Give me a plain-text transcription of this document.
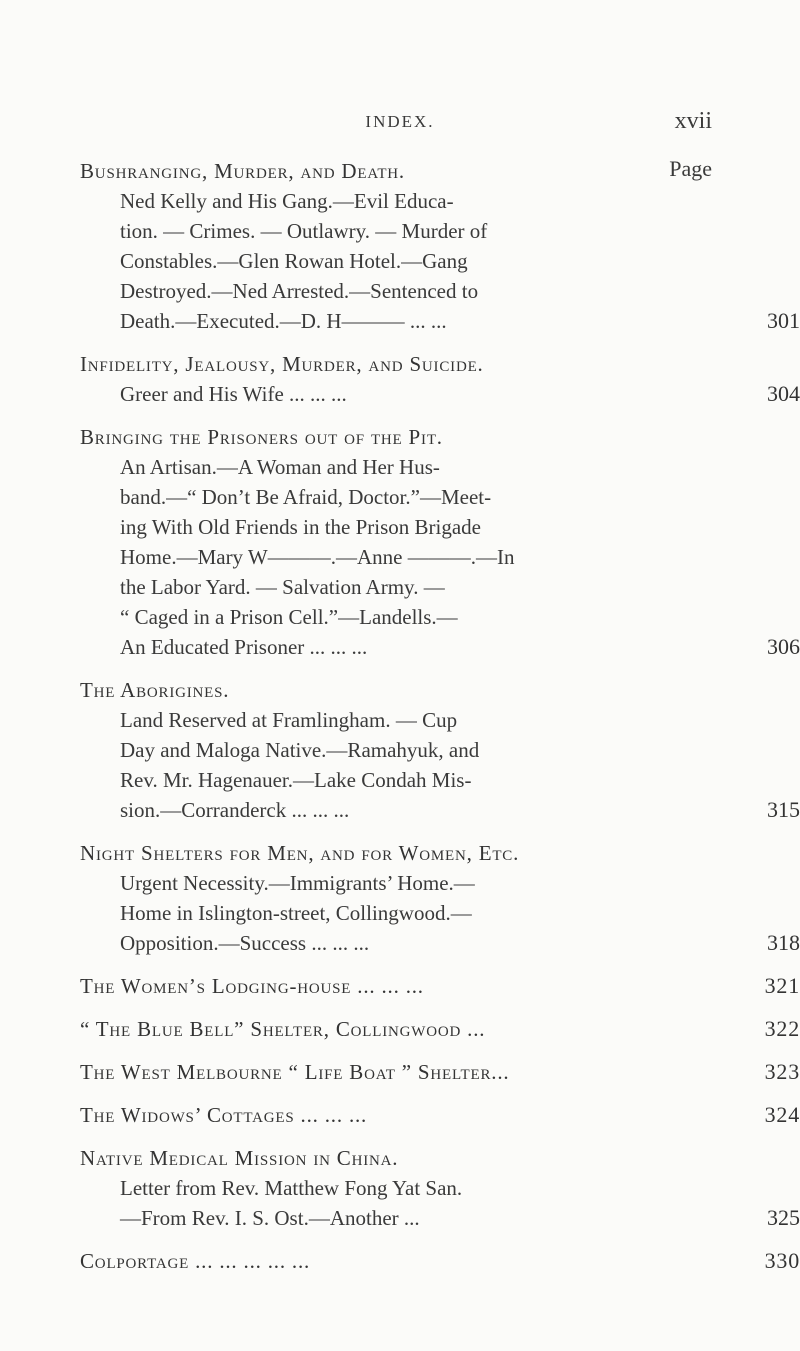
INDEX.	xvii
Page
Bushranging, Murder, and Death.
Ned Kelly and His Gang.—Evil Educa-
tion. — Crimes. — Outlawry. — Murder of
Constables.—Glen Rowan Hotel.—Gang
Destroyed.—Ned Arrested.—Sentenced to
Death.—Executed.—D. H——— ... ...	301
Infidelity, Jealousy, Murder, and Suicide.
Greer and His Wife ... ... ...	304
Bringing the Prisoners out of the Pit.
An Artisan.—A Woman and Her Hus-
band.—“ Don’t Be Afraid, Doctor.”—Meet-
ing With Old Friends in the Prison Brigade
Home.—Mary W———.—Anne ———.—In
the Labor Yard. — Salvation Army. —
“ Caged in a Prison Cell.”—Landells.—
An Educated Prisoner ... ... ...	306
The Aborigines.
Land Reserved at Framlingham. — Cup
Day and Maloga Native.—Ramahyuk, and
Rev. Mr. Hagenauer.—Lake Condah Mis-
sion.—Corranderck ... ... ...	315
Night Shelters for Men, and for Women, Etc.
Urgent Necessity.—Immigrants’ Home.—
Home in Islington-street, Collingwood.—
Opposition.—Success ... ... ...	318
The Women’s Lodging-house ... ... ...	321
“ The Blue Bell” Shelter, Collingwood ...	322
The West Melbourne “ Life Boat ” Shelter...	323
The Widows’ Cottages ... ... ...	324
Native Medical Mission in China.
Letter from Rev. Matthew Fong Yat San.
—From Rev. I. S. Ost.—Another ...	325
Colportage ... ... ... ... ...	330
